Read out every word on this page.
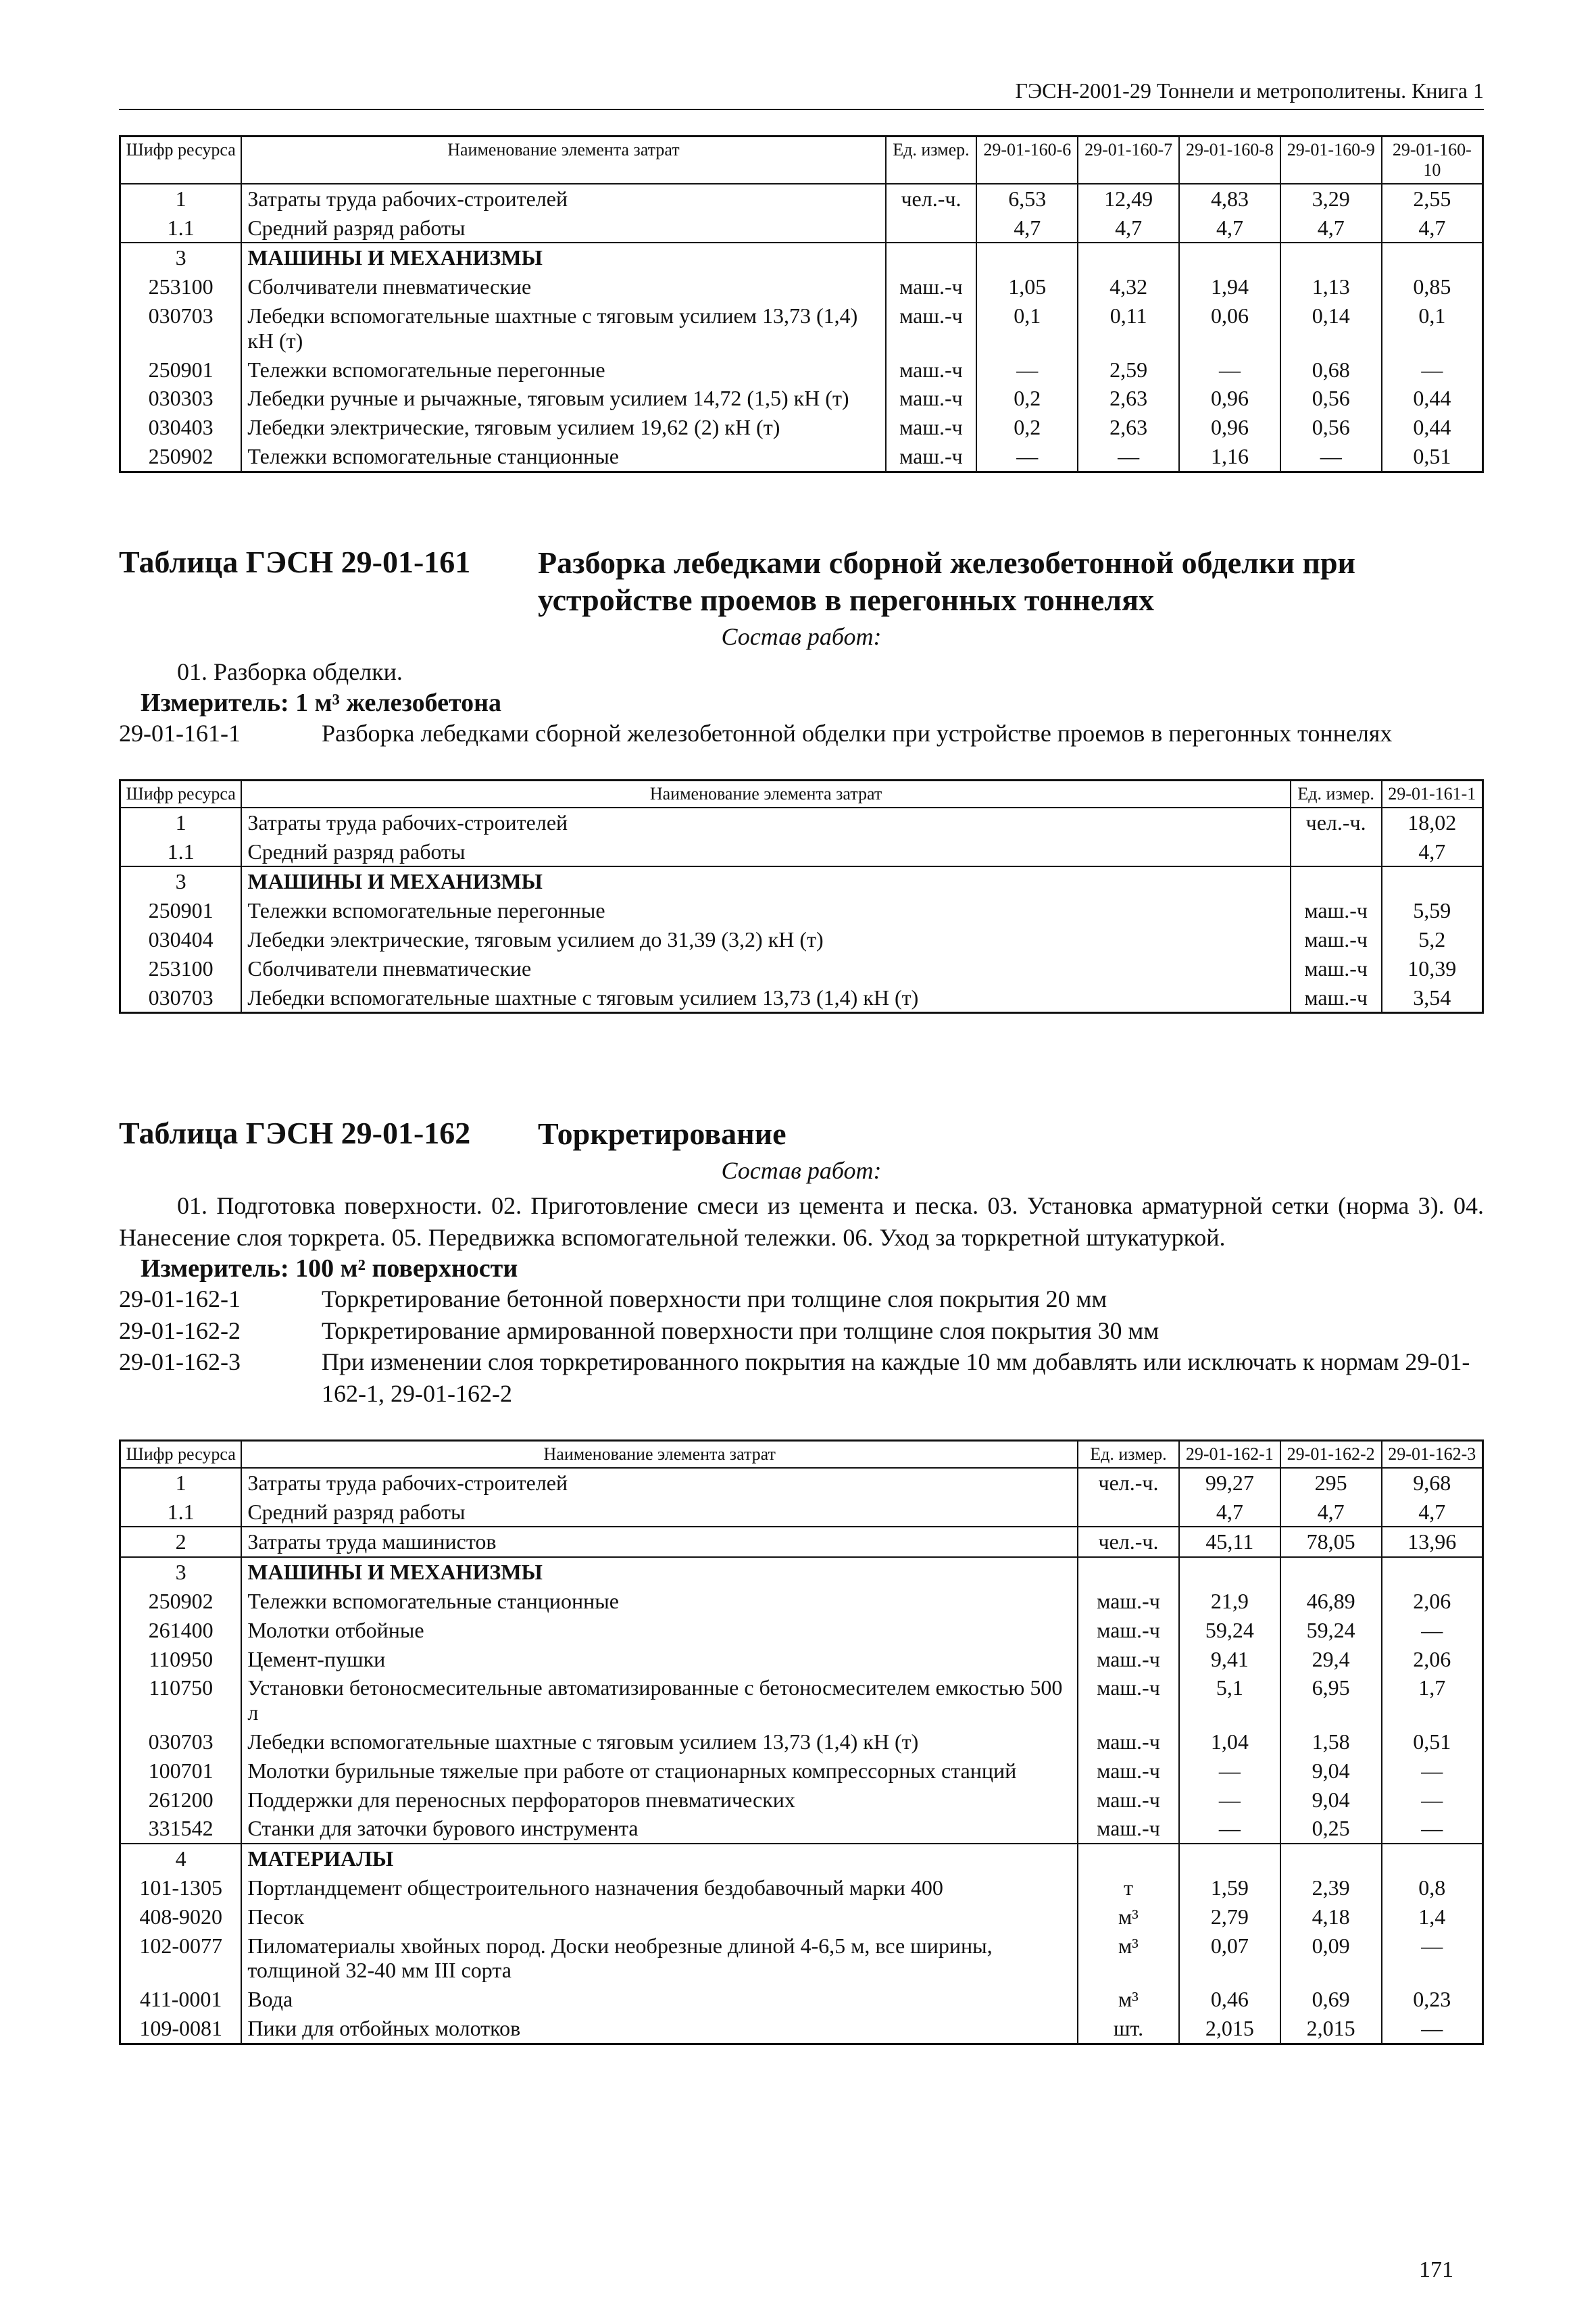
ГЭСН-2001-29 Тоннели и метрополитены. Книга 1
Шифр ресурса	Наименование элемента затрат	Ед. измер.	29-01-160-6	29-01-160-7	29-01-160-8	29-01-160-9	29-01-160-10
1	Затраты труда рабочих-строителей	чел.-ч.	6,53	12,49	4,83	3,29	2,55
1.1	Средний разряд работы		4,7	4,7	4,7	4,7	4,7
3	МАШИНЫ И МЕХАНИЗМЫ						
253100	Сболчиватели пневматические	маш.-ч	1,05	4,32	1,94	1,13	0,85
030703	Лебедки вспомогательные шахтные с тяговым усилием 13,73 (1,4) кН (т)	маш.-ч	0,1	0,11	0,06	0,14	0,1
250901	Тележки вспомогательные перегонные	маш.-ч	—	2,59	—	0,68	—
030303	Лебедки ручные и рычажные, тяговым усилием 14,72 (1,5) кН (т)	маш.-ч	0,2	2,63	0,96	0,56	0,44
030403	Лебедки электрические, тяговым усилием 19,62 (2) кН (т)	маш.-ч	0,2	2,63	0,96	0,56	0,44
250902	Тележки вспомогательные станционные	маш.-ч	—	—	1,16	—	0,51
Таблица ГЭСН 29-01-161	Разборка лебедками сборной железобетонной обделки при устройстве проемов в перегонных тоннелях
Состав работ:
01. Разборка обделки.
Измеритель: 1 м³ железобетона
29-01-161-1	Разборка лебедками сборной железобетонной обделки при устройстве проемов в перегонных тоннелях
Шифр ресурса	Наименование элемента затрат	Ед. измер.	29-01-161-1
1	Затраты труда рабочих-строителей	чел.-ч.	18,02
1.1	Средний разряд работы		4,7
3	МАШИНЫ И МЕХАНИЗМЫ		
250901	Тележки вспомогательные перегонные	маш.-ч	5,59
030404	Лебедки электрические, тяговым усилием до 31,39 (3,2) кН (т)	маш.-ч	5,2
253100	Сболчиватели пневматические	маш.-ч	10,39
030703	Лебедки вспомогательные шахтные с тяговым усилием 13,73 (1,4) кН (т)	маш.-ч	3,54
Таблица ГЭСН 29-01-162	Торкретирование
Состав работ:
01. Подготовка поверхности. 02. Приготовление смеси из цемента и песка. 03. Установка арматурной сетки (норма 3). 04. Нанесение слоя торкрета. 05. Передвижка вспомогательной тележки. 06. Уход за торкретной штукатуркой.
Измеритель: 100 м² поверхности
29-01-162-1	Торкретирование бетонной поверхности при толщине слоя покрытия 20 мм
29-01-162-2	Торкретирование армированной поверхности при толщине слоя покрытия 30 мм
29-01-162-3	При изменении слоя торкретированного покрытия на каждые 10 мм добавлять или исключать к нормам 29-01-162-1, 29-01-162-2
Шифр ресурса	Наименование элемента затрат	Ед. измер.	29-01-162-1	29-01-162-2	29-01-162-3
1	Затраты труда рабочих-строителей	чел.-ч.	99,27	295	9,68
1.1	Средний разряд работы		4,7	4,7	4,7
2	Затраты труда машинистов	чел.-ч.	45,11	78,05	13,96
3	МАШИНЫ И МЕХАНИЗМЫ				
250902	Тележки вспомогательные станционные	маш.-ч	21,9	46,89	2,06
261400	Молотки отбойные	маш.-ч	59,24	59,24	—
110950	Цемент-пушки	маш.-ч	9,41	29,4	2,06
110750	Установки бетоносмесительные автоматизированные с бетоносмесителем емкостью 500 л	маш.-ч	5,1	6,95	1,7
030703	Лебедки вспомогательные шахтные с тяговым усилием 13,73 (1,4) кН (т)	маш.-ч	1,04	1,58	0,51
100701	Молотки бурильные тяжелые при работе от стационарных компрессорных станций	маш.-ч	—	9,04	—
261200	Поддержки для переносных перфораторов пневматических	маш.-ч	—	9,04	—
331542	Станки для заточки бурового инструмента	маш.-ч	—	0,25	—
4	МАТЕРИАЛЫ				
101-1305	Портландцемент общестроительного назначения бездобавочный марки 400	т	1,59	2,39	0,8
408-9020	Песок	м³	2,79	4,18	1,4
102-0077	Пиломатериалы хвойных пород. Доски необрезные длиной 4-6,5 м, все ширины, толщиной 32-40 мм III сорта	м³	0,07	0,09	—
411-0001	Вода	м³	0,46	0,69	0,23
109-0081	Пики для отбойных молотков	шт.	2,015	2,015	—
171
